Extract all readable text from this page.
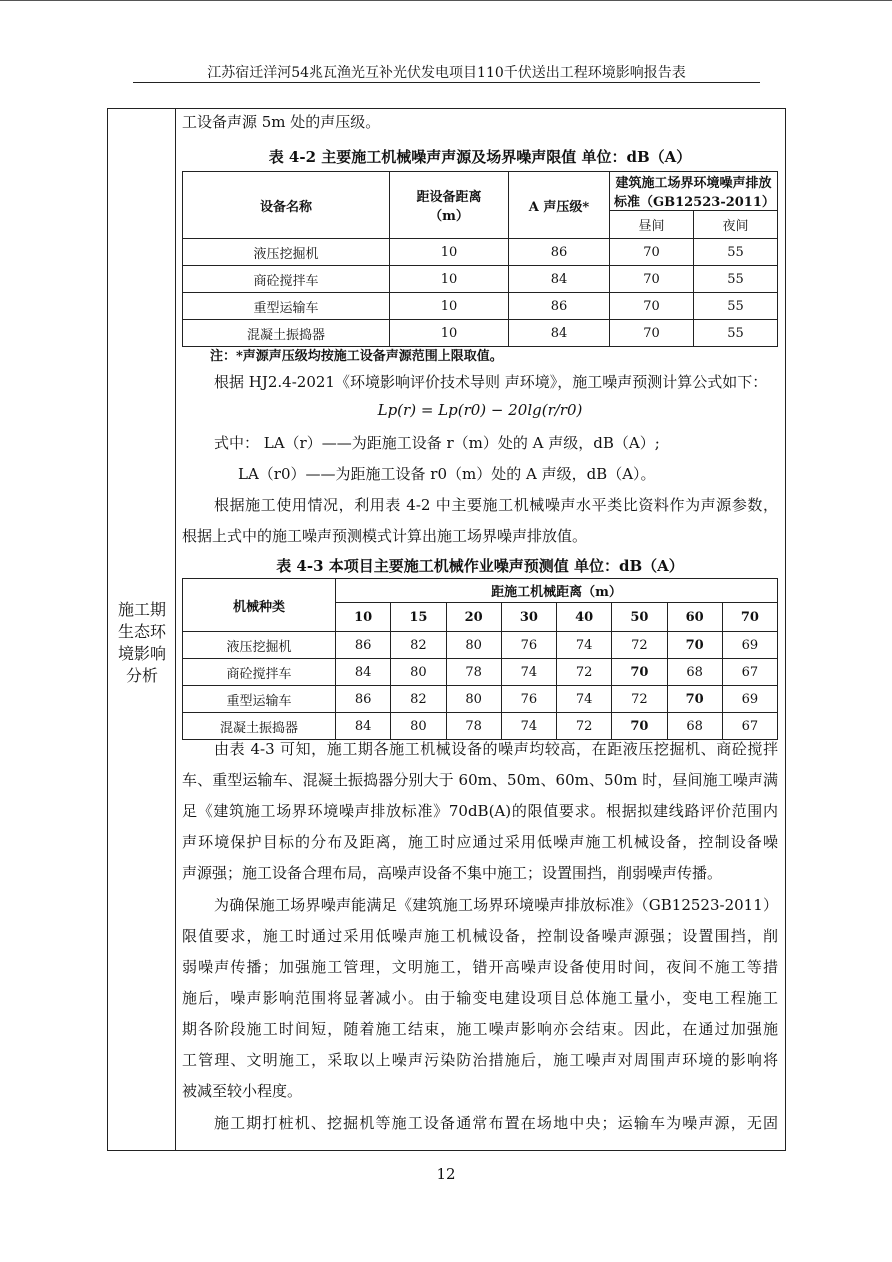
江苏宿迁洋河54兆瓦渔光互补光伏发电项目110千伏送出工程环境影响报告表
施工期
生态环
境影响
分析
工设备声源 5m 处的声压级。
表 4-2 主要施工机械噪声声源及场界噪声限值 单位：dB（A）
设备名称	距设备距离（m）	A 声压级*	建筑施工场界环境噪声排放标准（GB12523-2011）	
			昼间	夜间
液压挖掘机	10	86	70	55
商砼搅拌车	10	84	70	55
重型运输车	10	86	70	55
混凝土振捣器	10	84	70	55
注：*声源声压级均按施工设备声源范围上限取值。
根据 HJ2.4-2021《环境影响评价技术导则 声环境》，施工噪声预测计算公式如下：
Lp(r) = Lp(r0) − 20lg(r/r0)
式中： LA（r）——为距施工设备 r（m）处的 A 声级，dB（A）;
LA（r0）——为距施工设备 r0（m）处的 A 声级，dB（A）。
根据施工使用情况，利用表 4-2 中主要施工机械噪声水平类比资料作为声源参数，
根据上式中的施工噪声预测模式计算出施工场界噪声排放值。
表 4-3 本项目主要施工机械作业噪声预测值 单位：dB（A）
机械种类	距施工机械距离（m）							
	10	15	20	30	40	50	60	70
液压挖掘机	86	82	80	76	74	72	70	69
商砼搅拌车	84	80	78	74	72	70	68	67
重型运输车	86	82	80	76	74	72	70	69
混凝土振捣器	84	80	78	74	72	70	68	67
由表 4-3 可知，施工期各施工机械设备的噪声均较高，在距液压挖掘机、商砼搅拌
车、重型运输车、混凝土振捣器分别大于 60m、50m、60m、50m 时，昼间施工噪声满
足《建筑施工场界环境噪声排放标准》70dB(A)的限值要求。根据拟建线路评价范围内
声环境保护目标的分布及距离，施工时应通过采用低噪声施工机械设备，控制设备噪
声源强；施工设备合理布局，高噪声设备不集中施工；设置围挡，削弱噪声传播。
为确保施工场界噪声能满足《建筑施工场界环境噪声排放标准》（GB12523-2011）
限值要求，施工时通过采用低噪声施工机械设备，控制设备噪声源强；设置围挡，削
弱噪声传播；加强施工管理，文明施工，错开高噪声设备使用时间，夜间不施工等措
施后，噪声影响范围将显著减小。由于输变电建设项目总体施工量小，变电工程施工
期各阶段施工时间短，随着施工结束，施工噪声影响亦会结束。因此，在通过加强施
工管理、文明施工，采取以上噪声污染防治措施后，施工噪声对周围声环境的影响将
被减至较小程度。
施工期打桩机、挖掘机等施工设备通常布置在场地中央；运输车为噪声源，无固
12
